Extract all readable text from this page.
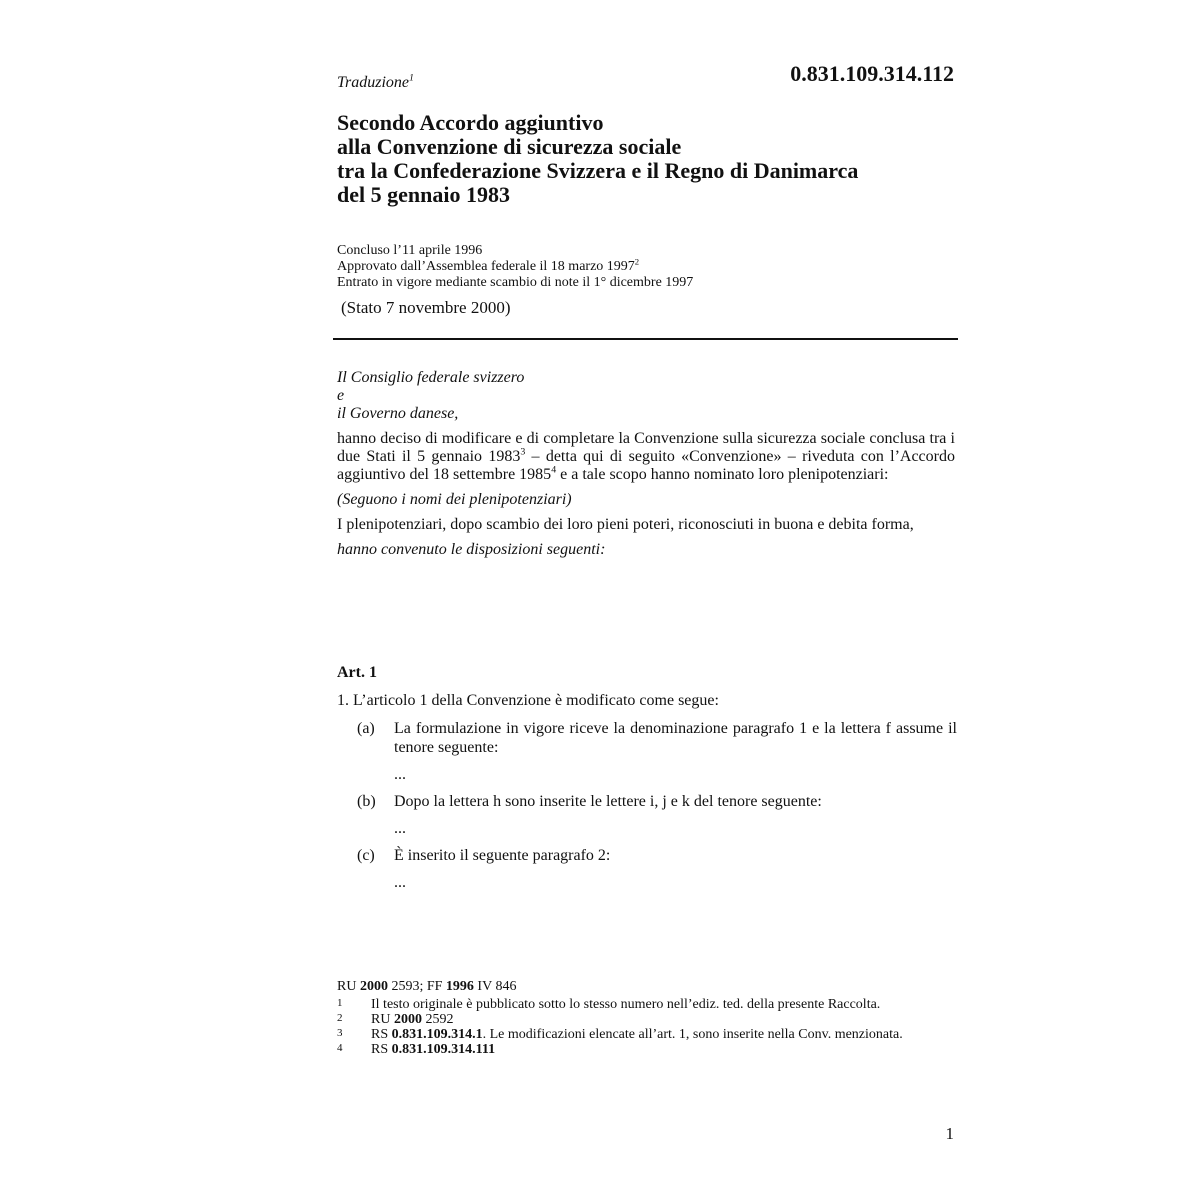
Traduzione$^1$	0.831.109.314.112
Secondo Accordo aggiuntivo
alla Convenzione di sicurezza sociale
tra la Confederazione Svizzera e il Regno di Danimarca
del 5 gennaio 1983
Concluso l’11 aprile 1996
Approvato dall’Assemblea federale il 18 marzo 1997$^2$
Entrato in vigore mediante scambio di note il 1° dicembre 1997
(Stato 7 novembre 2000)

Il Consiglio federale svizzero

e

il Governo danese,

hanno deciso di modificare e di completare la Convenzione sulla sicurezza sociale conclusa tra i due Stati il 5 gennaio 1983$^3$ – detta qui di seguito «Convenzione» – riveduta con l’Accordo aggiuntivo del 18 settembre 1985$^4$ e a tale scopo hanno nominato loro plenipotenziari:

(Seguono i nomi dei plenipotenziari)

I plenipotenziari, dopo scambio dei loro pieni poteri, riconosciuti in buona e debita forma,

hanno convenuto le disposizioni seguenti:

Art. 1
1. L’articolo 1 della Convenzione è modificato come segue:
(a) La formulazione in vigore riceve la denominazione paragrafo 1 e la lettera f assume il tenore seguente:
...
(b) Dopo la lettera h sono inserite le lettere i, j e k del tenore seguente:
...
(c) È inserito il seguente paragrafo 2:
...
RU 2000 2593; FF 1996 IV 846
1 Il testo originale è pubblicato sotto lo stesso numero nell’ediz. ted. della presente Raccolta.
2 RU 2000 2592
3 RS 0.831.109.314.1. Le modificazioni elencate all’art. 1, sono inserite nella Conv. menzionata.
4 RS 0.831.109.314.111
1
